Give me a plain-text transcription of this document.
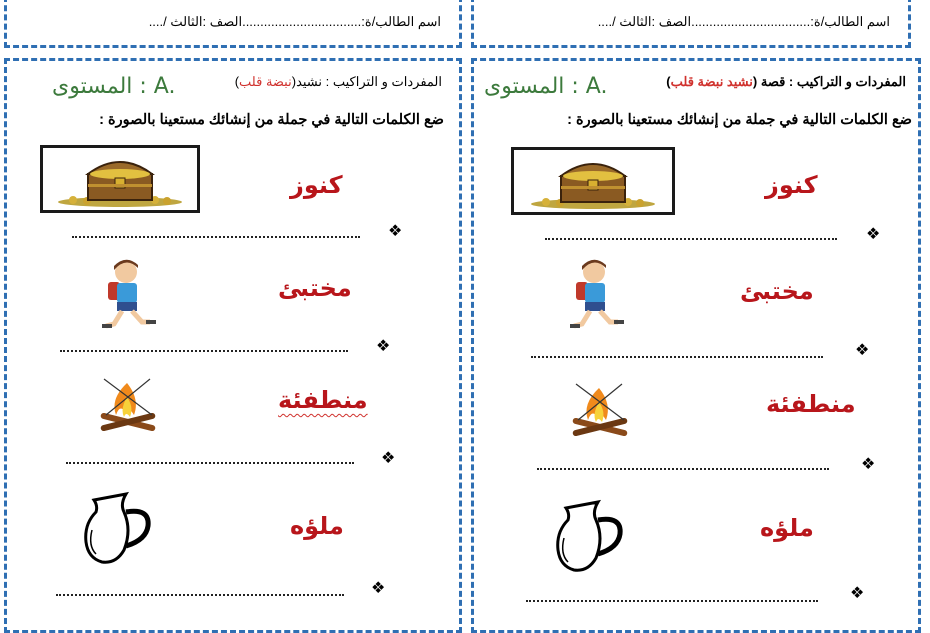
اسم الطالب/ة:.................................
الصف :الثالث /....	اسم الطالب/ة:.................................
الصف :الثالث /....
المفردات و التراكيب : نشيد(نبضة قلب)
المستوى : A.
ضع الكلمات التالية في جملة من إنشائك مستعينا بالصورة :
كنوز
❖
مختبئ
❖
منطفئة
❖
ملؤه
❖
المفردات و التراكيب : قصة (نشيد نبضة قلب)
المستوى : A.
ضع الكلمات التالية في جملة من إنشائك مستعينا بالصورة :
كنوز
❖
مختبئ
❖
منطفئة
❖
ملؤه
❖
